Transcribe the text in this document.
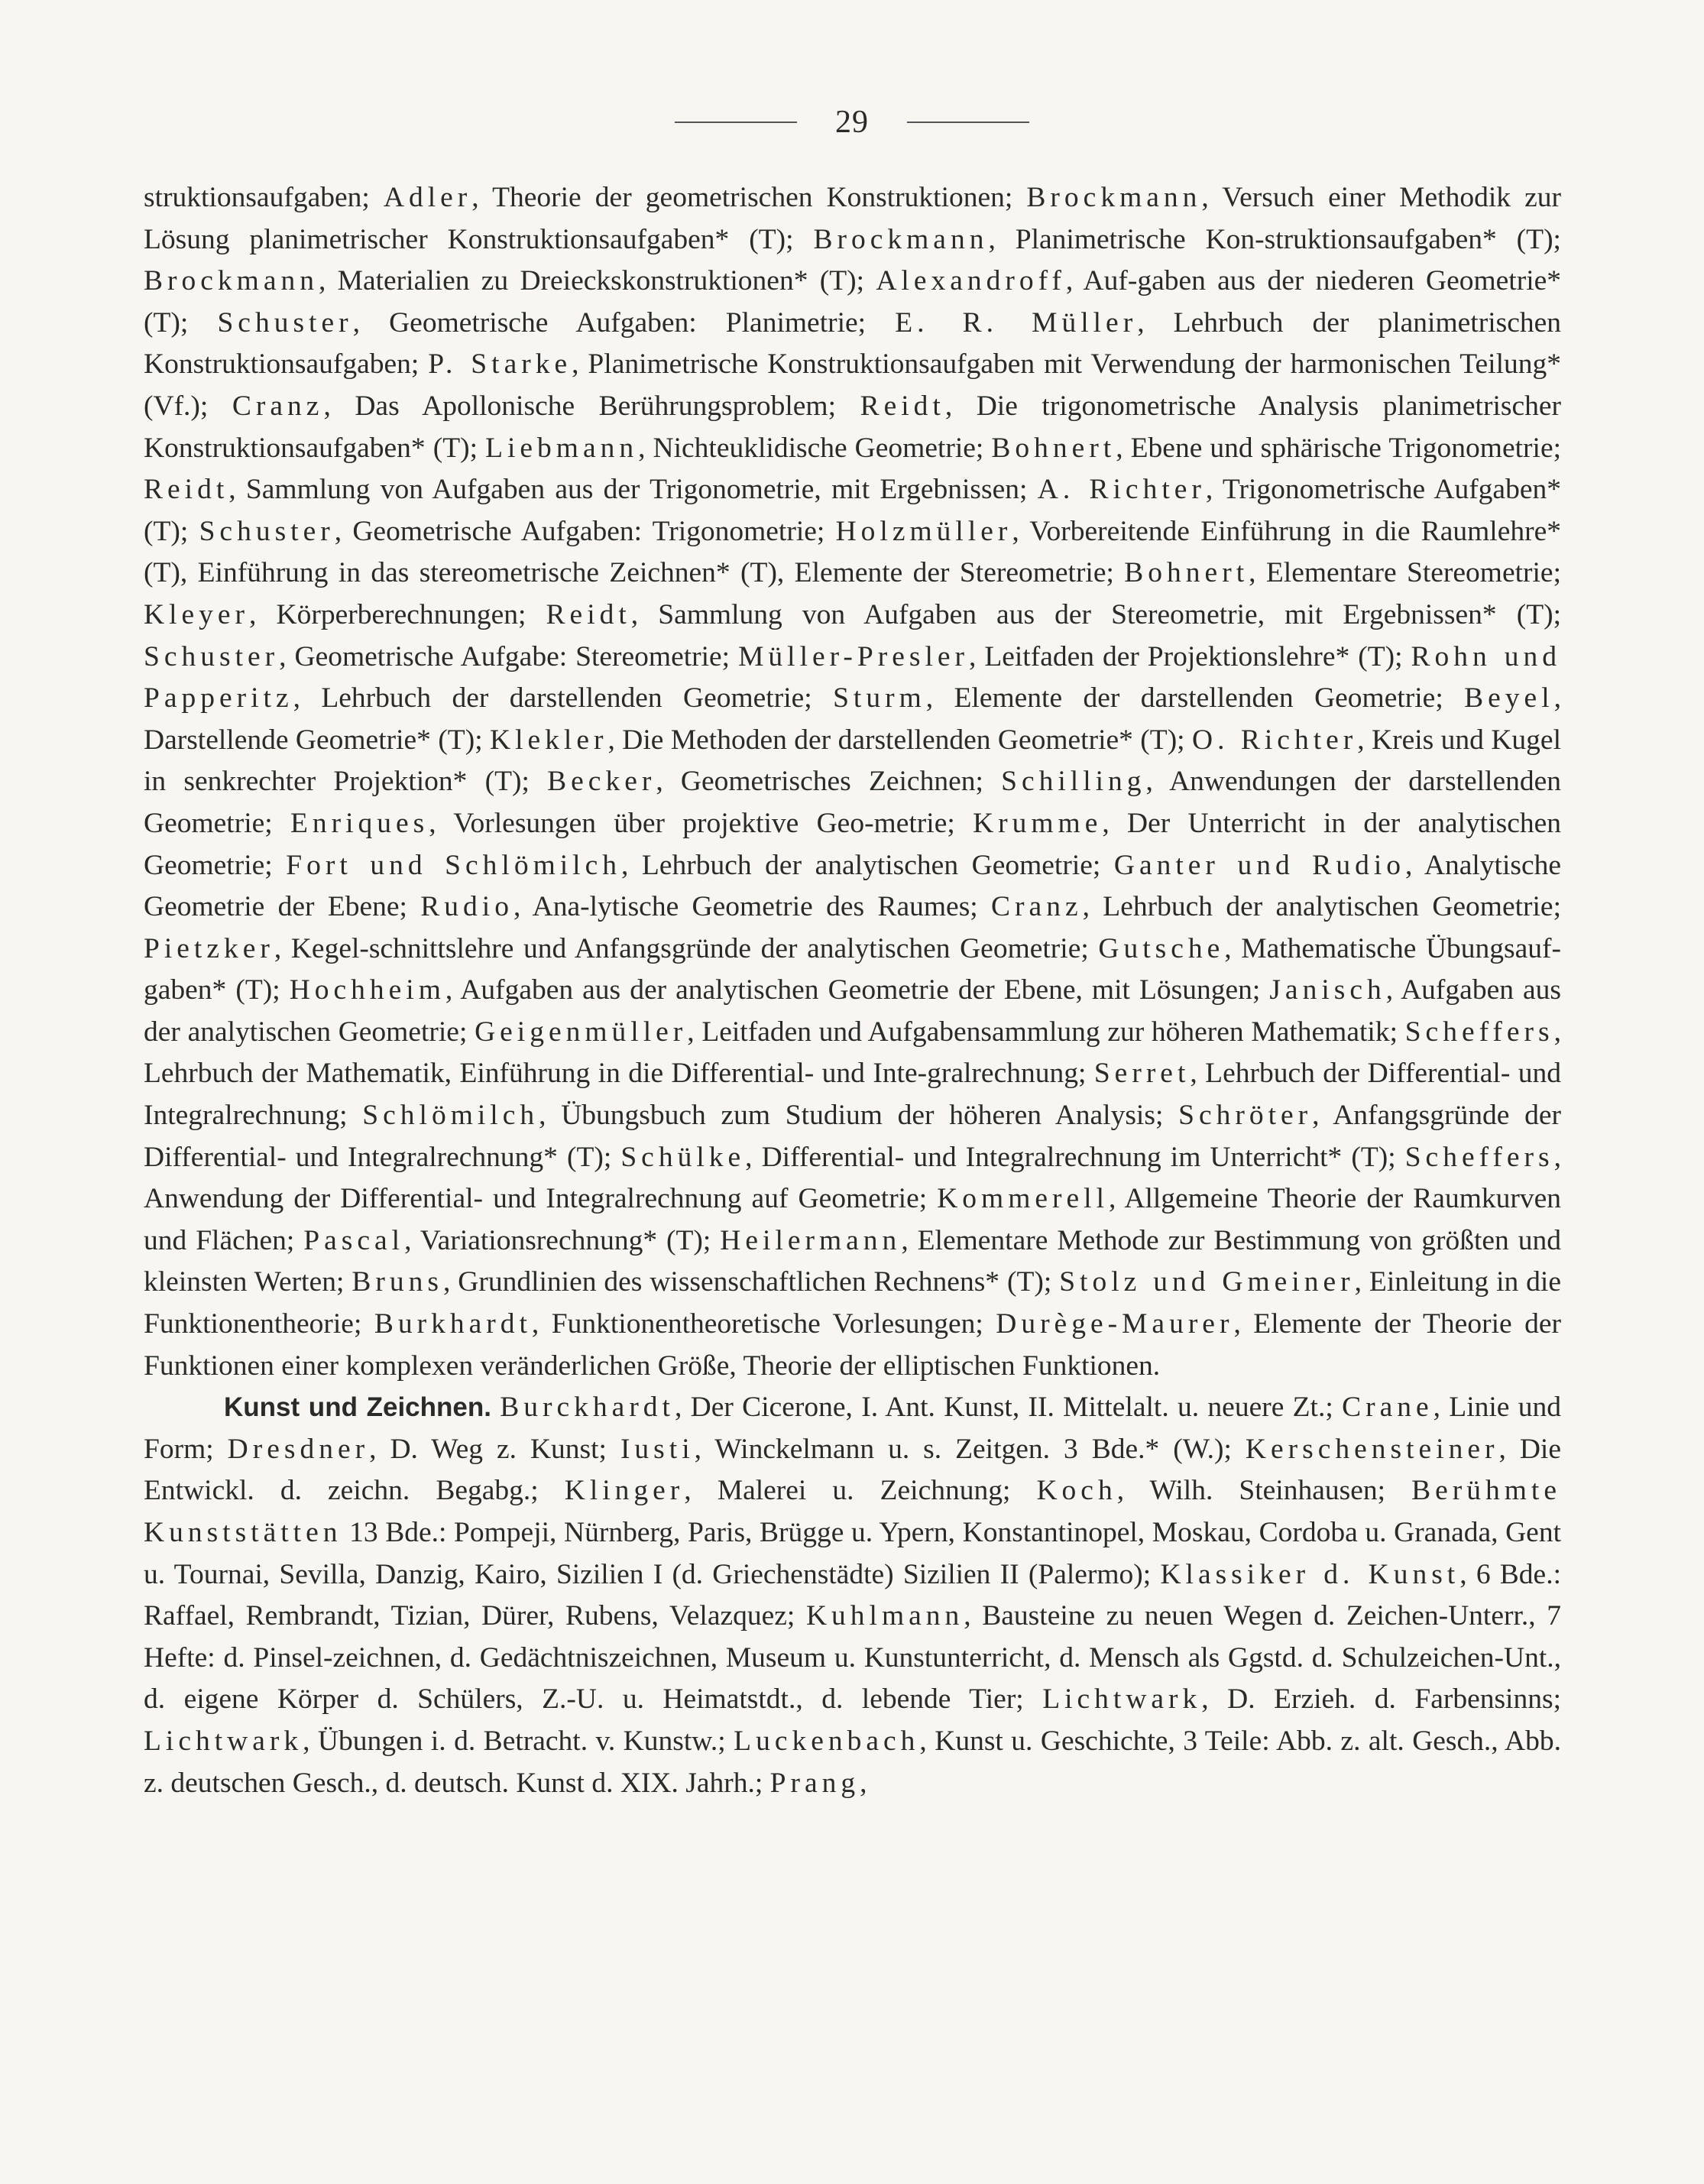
29

struktionsaufgaben; Adler, Theorie der geometrischen Konstruktionen; Brockmann, Versuch einer Methodik zur Lösung planimetrischer Konstruktionsaufgaben* (T); Brockmann, Planimetrische Kon-struktionsaufgaben* (T); Brockmann, Materialien zu Dreieckskonstruktionen* (T); Alexandroff, Auf-gaben aus der niederen Geometrie* (T); Schuster, Geometrische Aufgaben: Planimetrie; E. R. Müller, Lehrbuch der planimetrischen Konstruktionsaufgaben; P. Starke, Planimetrische Konstruktionsaufgaben mit Verwendung der harmonischen Teilung* (Vf.); Cranz, Das Apollonische Berührungsproblem; Reidt, Die trigonometrische Analysis planimetrischer Konstruktionsaufgaben* (T); Liebmann, Nichteuklidische Geometrie; Bohnert, Ebene und sphärische Trigonometrie; Reidt, Sammlung von Aufgaben aus der Trigonometrie, mit Ergebnissen; A. Richter, Trigonometrische Aufgaben* (T); Schuster, Geometrische Aufgaben: Trigonometrie; Holzmüller, Vorbereitende Einführung in die Raumlehre* (T), Einführung in das stereometrische Zeichnen* (T), Elemente der Stereometrie; Bohnert, Elementare Stereometrie; Kleyer, Körperberechnungen; Reidt, Sammlung von Aufgaben aus der Stereometrie, mit Ergebnissen* (T); Schuster, Geometrische Aufgabe: Stereometrie; Müller-Presler, Leitfaden der Projektionslehre* (T); Rohn und Papperitz, Lehrbuch der darstellenden Geometrie; Sturm, Elemente der darstellenden Geometrie; Beyel, Darstellende Geometrie* (T); Klekler, Die Methoden der darstellenden Geometrie* (T); O. Richter, Kreis und Kugel in senkrechter Projektion* (T); Becker, Geometrisches Zeichnen; Schilling, Anwendungen der darstellenden Geometrie; Enriques, Vorlesungen über projektive Geo-metrie; Krumme, Der Unterricht in der analytischen Geometrie; Fort und Schlömilch, Lehrbuch der analytischen Geometrie; Ganter und Rudio, Analytische Geometrie der Ebene; Rudio, Ana-lytische Geometrie des Raumes; Cranz, Lehrbuch der analytischen Geometrie; Pietzker, Kegel-schnittslehre und Anfangsgründe der analytischen Geometrie; Gutsche, Mathematische Übungsauf-gaben* (T); Hochheim, Aufgaben aus der analytischen Geometrie der Ebene, mit Lösungen; Janisch, Aufgaben aus der analytischen Geometrie; Geigenmüller, Leitfaden und Aufgabensammlung zur höheren Mathematik; Scheffers, Lehrbuch der Mathematik, Einführung in die Differential- und Inte-gralrechnung; Serret, Lehrbuch der Differential- und Integralrechnung; Schlömilch, Übungsbuch zum Studium der höheren Analysis; Schröter, Anfangsgründe der Differential- und Integralrechnung* (T); Schülke, Differential- und Integralrechnung im Unterricht* (T); Scheffers, Anwendung der Differential- und Integralrechnung auf Geometrie; Kommerell, Allgemeine Theorie der Raumkurven und Flächen; Pascal, Variationsrechnung* (T); Heilermann, Elementare Methode zur Bestimmung von größten und kleinsten Werten; Bruns, Grundlinien des wissenschaftlichen Rechnens* (T); Stolz und Gmeiner, Einleitung in die Funktionentheorie; Burkhardt, Funktionentheoretische Vorlesungen; Durège-Maurer, Elemente der Theorie der Funktionen einer komplexen veränderlichen Größe, Theorie der elliptischen Funktionen.

Kunst und Zeichnen. Burckhardt, Der Cicerone, I. Ant. Kunst, II. Mittelalt. u. neuere Zt.; Crane, Linie und Form; Dresdner, D. Weg z. Kunst; Iusti, Winckelmann u. s. Zeitgen. 3 Bde.* (W.); Kerschensteiner, Die Entwickl. d. zeichn. Begabg.; Klinger, Malerei u. Zeichnung; Koch, Wilh. Steinhausen; Berühmte Kunststätten 13 Bde.: Pompeji, Nürnberg, Paris, Brügge u. Ypern, Konstantinopel, Moskau, Cordoba u. Granada, Gent u. Tournai, Sevilla, Danzig, Kairo, Sizilien I (d. Griechenstädte) Sizilien II (Palermo); Klassiker d. Kunst, 6 Bde.: Raffael, Rembrandt, Tizian, Dürer, Rubens, Velazquez; Kuhlmann, Bausteine zu neuen Wegen d. Zeichen-Unterr., 7 Hefte: d. Pinsel-zeichnen, d. Gedächtniszeichnen, Museum u. Kunstunterricht, d. Mensch als Ggstd. d. Schulzeichen-Unt., d. eigene Körper d. Schülers, Z.-U. u. Heimatstdt., d. lebende Tier; Lichtwark, D. Erzieh. d. Farbensinns; Lichtwark, Übungen i. d. Betracht. v. Kunstw.; Luckenbach, Kunst u. Geschichte, 3 Teile: Abb. z. alt. Gesch., Abb. z. deutschen Gesch., d. deutsch. Kunst d. XIX. Jahrh.; Prang,
